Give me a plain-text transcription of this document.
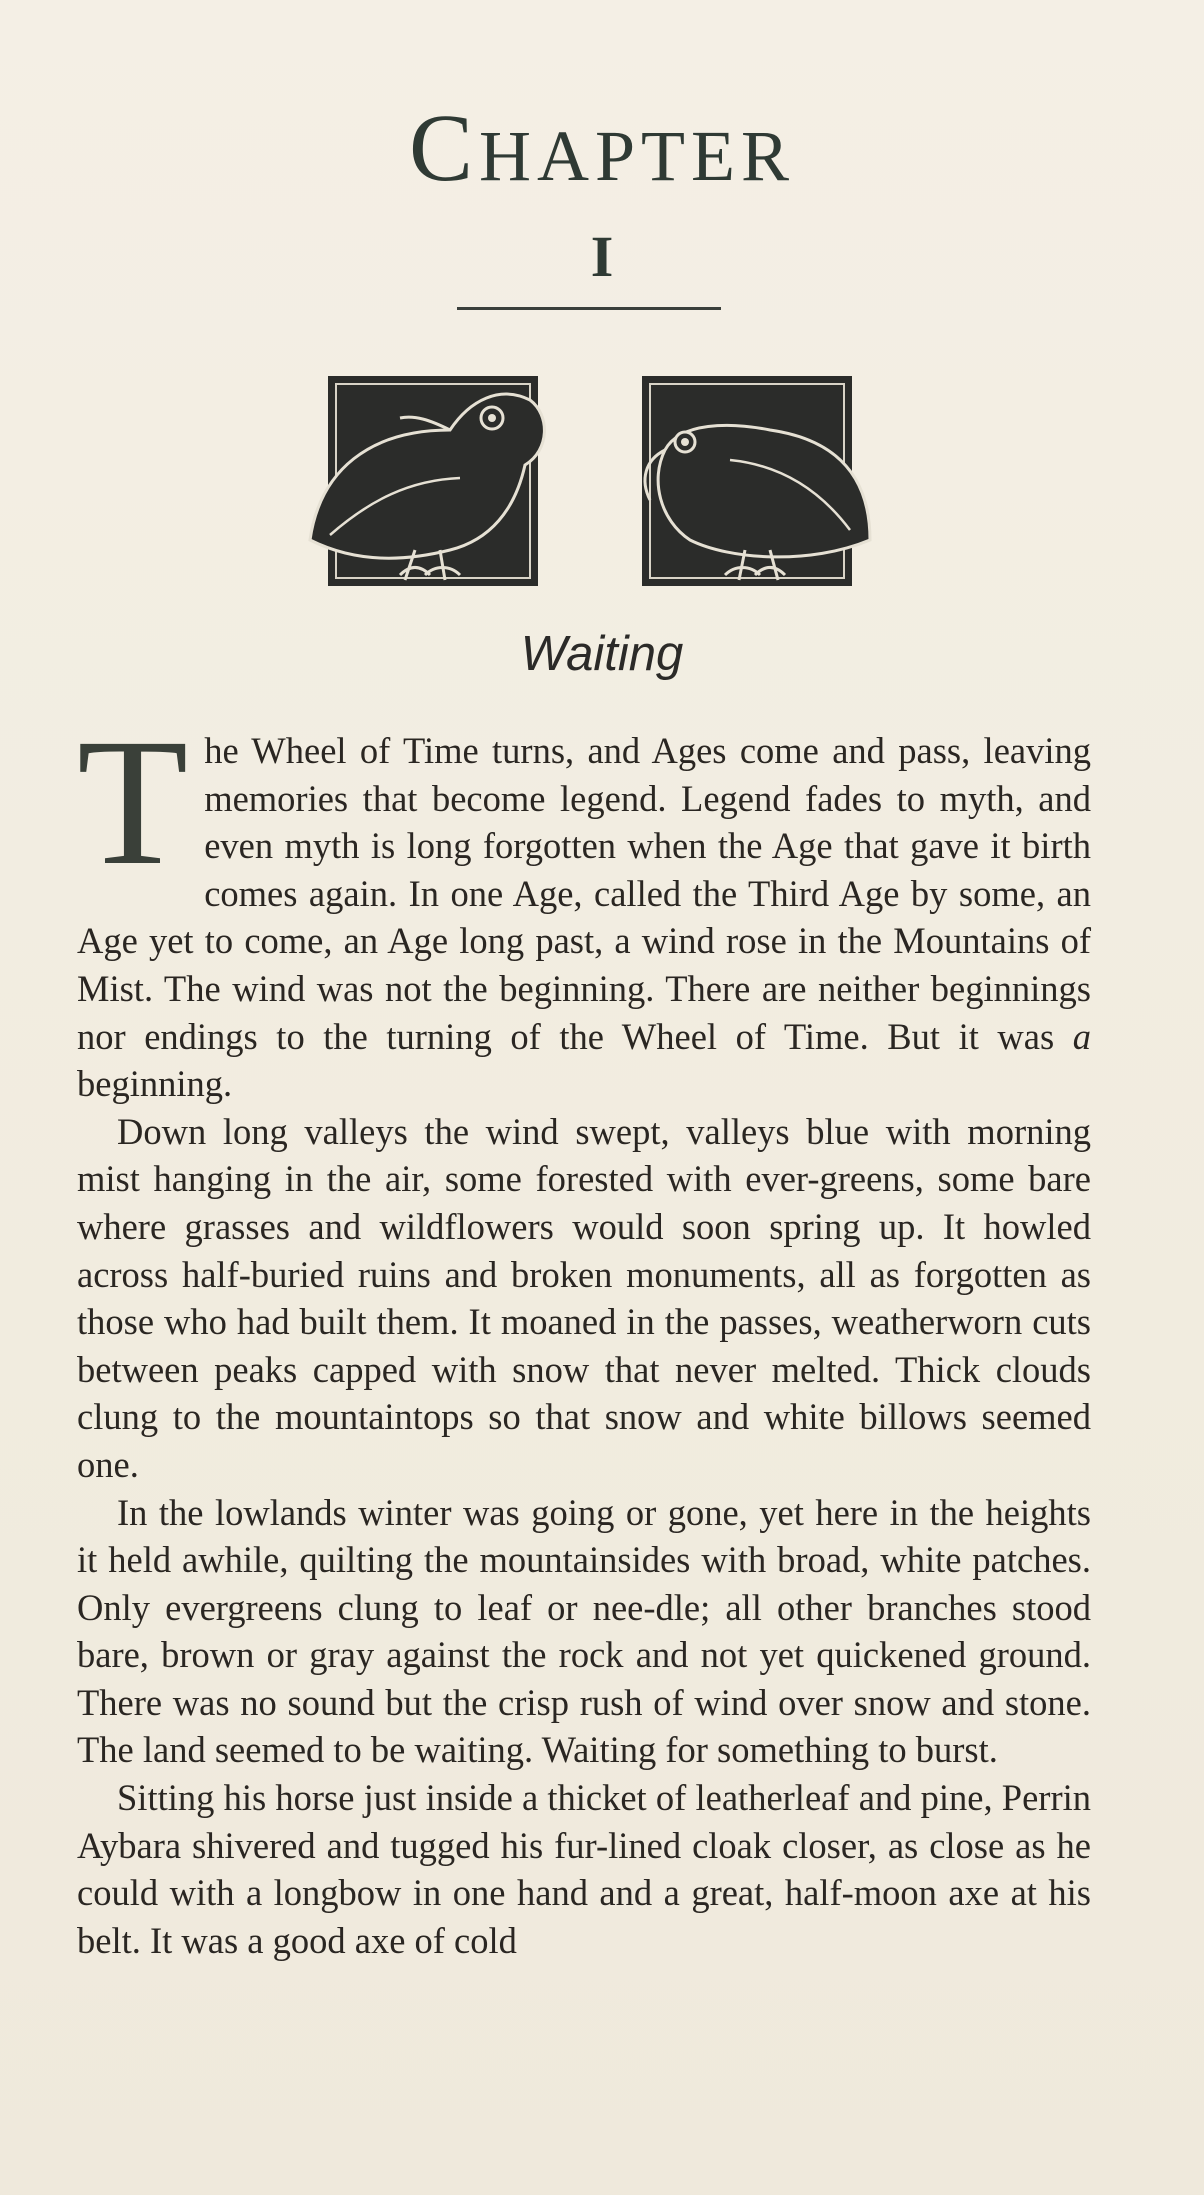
CHAPTER
I
Waiting

The Wheel of Time turns, and Ages come and pass, leaving memories that become legend. Legend fades to myth, and even myth is long forgotten when the Age that gave it birth comes again. In one Age, called the Third Age by some, an Age yet to come, an Age long past, a wind rose in the Mountains of Mist. The wind was not the beginning. There are neither beginnings nor endings to the turning of the Wheel of Time. But it was a beginning.

Down long valleys the wind swept, valleys blue with morning mist hanging in the air, some forested with ever-greens, some bare where grasses and wildflowers would soon spring up. It howled across half-buried ruins and broken monuments, all as forgotten as those who had built them. It moaned in the passes, weatherworn cuts between peaks capped with snow that never melted. Thick clouds clung to the mountaintops so that snow and white billows seemed one.

In the lowlands winter was going or gone, yet here in the heights it held awhile, quilting the mountainsides with broad, white patches. Only evergreens clung to leaf or nee-dle; all other branches stood bare, brown or gray against the rock and not yet quickened ground. There was no sound but the crisp rush of wind over snow and stone. The land seemed to be waiting. Waiting for something to burst.

Sitting his horse just inside a thicket of leatherleaf and pine, Perrin Aybara shivered and tugged his fur-lined cloak closer, as close as he could with a longbow in one hand and a great, half-moon axe at his belt. It was a good axe of cold
